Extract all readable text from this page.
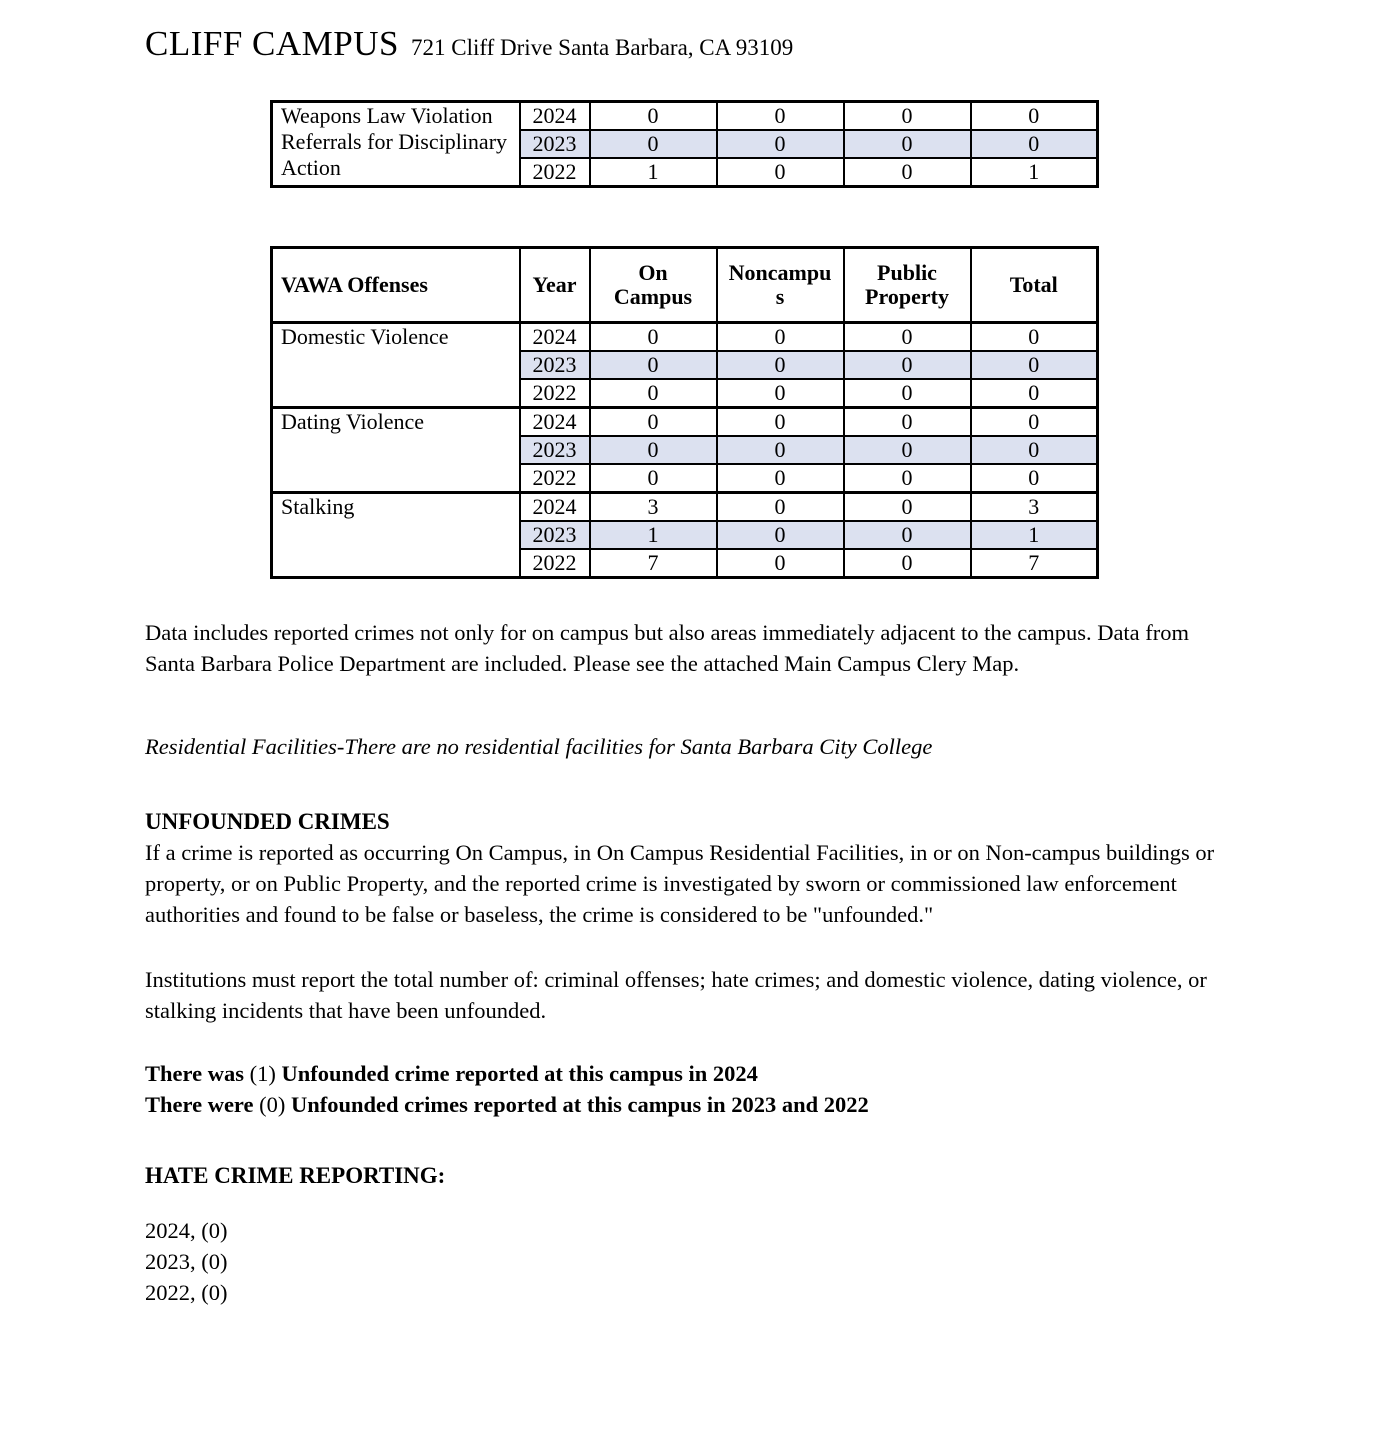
CLIFF CAMPUS 721 Cliff Drive Santa Barbara, CA 93109
Weapons Law Violation Referrals for Disciplinary Action	2024	0	0	0	0
	2023	0	0	0	0
	2022	1	0	0	1
VAWA Offenses	Year	On Campus	Noncampus	Public Property	Total
Domestic Violence	2024	0	0	0	0
	2023	0	0	0	0
	2022	0	0	0	0
Dating Violence	2024	0	0	0	0
	2023	0	0	0	0
	2022	0	0	0	0
Stalking	2024	3	0	0	3
	2023	1	0	0	1
	2022	7	0	0	7

Data includes reported crimes not only for on campus but also areas immediately adjacent to the campus. Data from Santa Barbara Police Department are included. Please see the attached Main Campus Clery Map.

Residential Facilities-There are no residential facilities for Santa Barbara City College

UNFOUNDED CRIMES

If a crime is reported as occurring On Campus, in On Campus Residential Facilities, in or on Non-campus buildings or property, or on Public Property, and the reported crime is investigated by sworn or commissioned law enforcement authorities and found to be false or baseless, the crime is considered to be "unfounded."

Institutions must report the total number of: criminal offenses; hate crimes; and domestic violence, dating violence, or stalking incidents that have been unfounded.

There was (1) Unfounded crime reported at this campus in 2024
There were (0) Unfounded crimes reported at this campus in 2023 and 2022

HATE CRIME REPORTING:

2024, (0)
2023, (0)
2022, (0)
